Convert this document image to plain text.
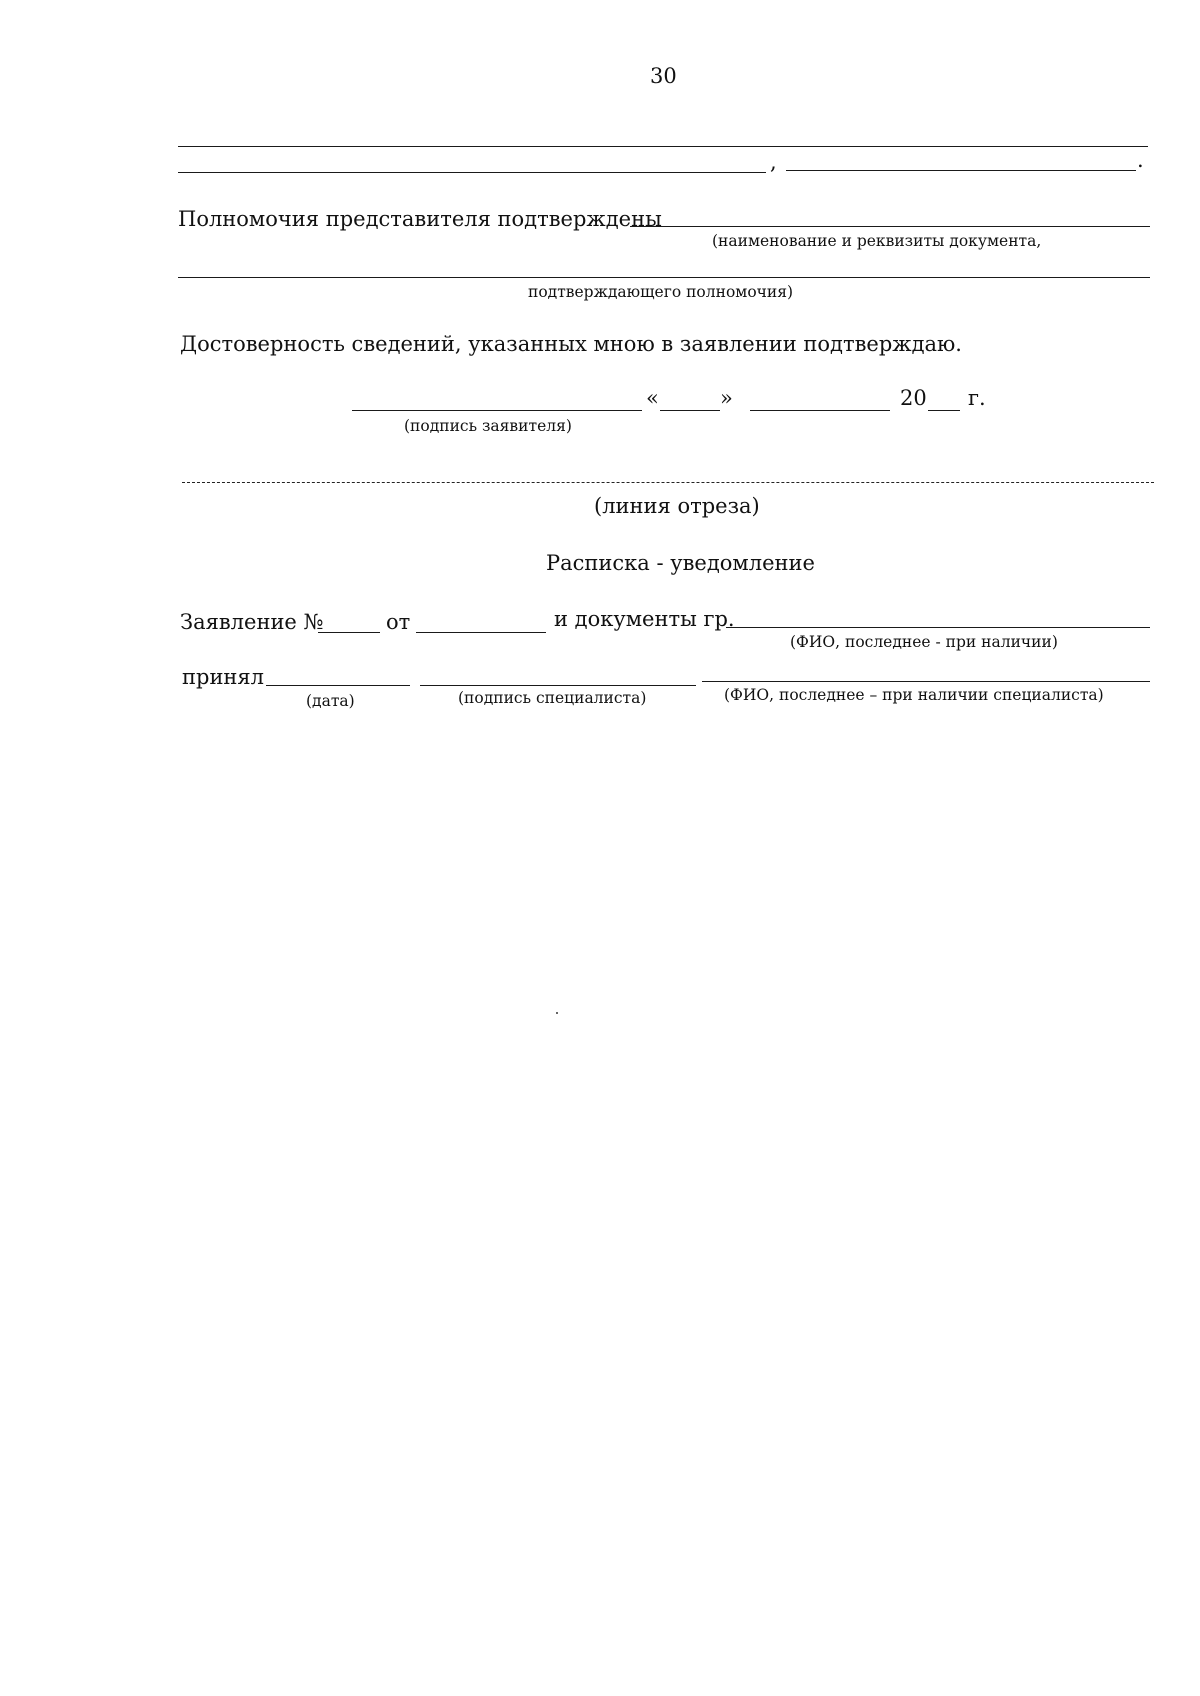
30
,	.
Полномочия представителя подтверждены
(наименование и реквизиты документа,
подтверждающего полномочия)
Достоверность сведений, указанных мною в заявлении подтверждаю.
«	»	20 г.
(подпись заявителя)
(линия отреза)
Расписка - уведомление
Заявление №	от	и документы гр.
(ФИО, последнее - при наличии)
принял
(дата)	(подпись специалиста)	(ФИО, последнее – при наличии специалиста)
